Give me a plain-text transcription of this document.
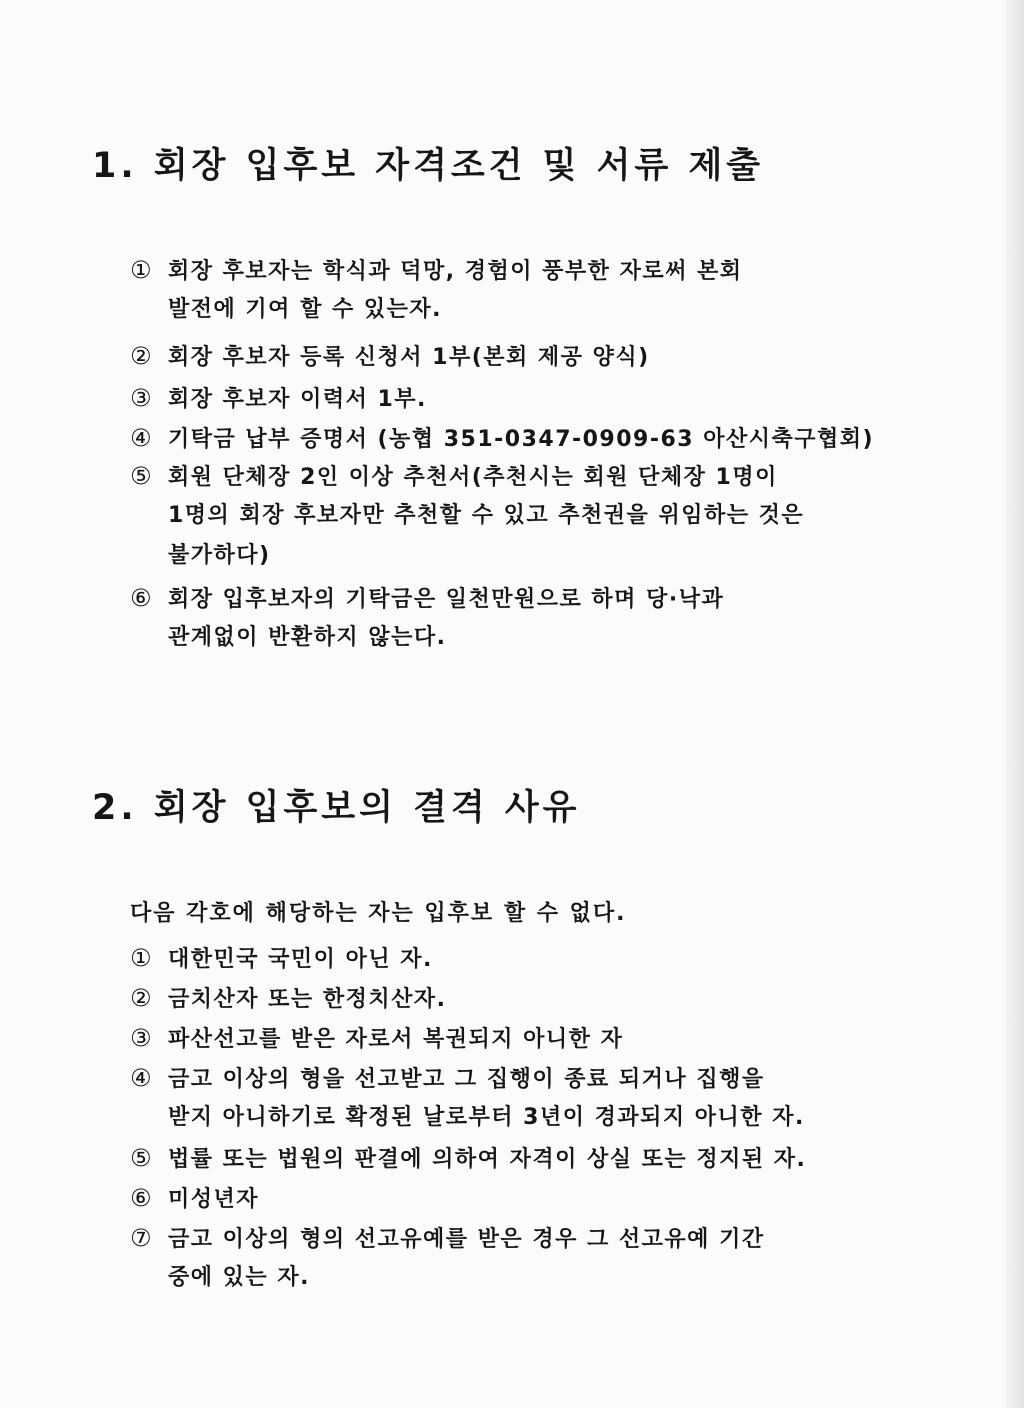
1. 회장 입후보 자격조건 및 서류 제출
① 회장 후보자는 학식과 덕망, 경험이 풍부한 자로써 본회
발전에 기여 할 수 있는자.
② 회장 후보자 등록 신청서 1부(본회 제공 양식)
③ 회장 후보자 이력서 1부.
④ 기탁금 납부 증명서 (농협 351-0347-0909-63 아산시축구협회)
⑤ 회원 단체장 2인 이상 추천서(추천시는 회원 단체장 1명이
1명의 회장 후보자만 추천할 수 있고 추천권을 위임하는 것은
불가하다)
⑥ 회장 입후보자의 기탁금은 일천만원으로 하며 당·낙과
관계없이 반환하지 않는다.
2. 회장 입후보의 결격 사유
다음 각호에 해당하는 자는 입후보 할 수 없다.
① 대한민국 국민이 아닌 자.
② 금치산자 또는 한정치산자.
③ 파산선고를 받은 자로서 복권되지 아니한 자
④ 금고 이상의 형을 선고받고 그 집행이 종료 되거나 집행을
받지 아니하기로 확정된 날로부터 3년이 경과되지 아니한 자.
⑤ 법률 또는 법원의 판결에 의하여 자격이 상실 또는 정지된 자.
⑥ 미성년자
⑦ 금고 이상의 형의 선고유예를 받은 경우 그 선고유예 기간
중에 있는 자.
